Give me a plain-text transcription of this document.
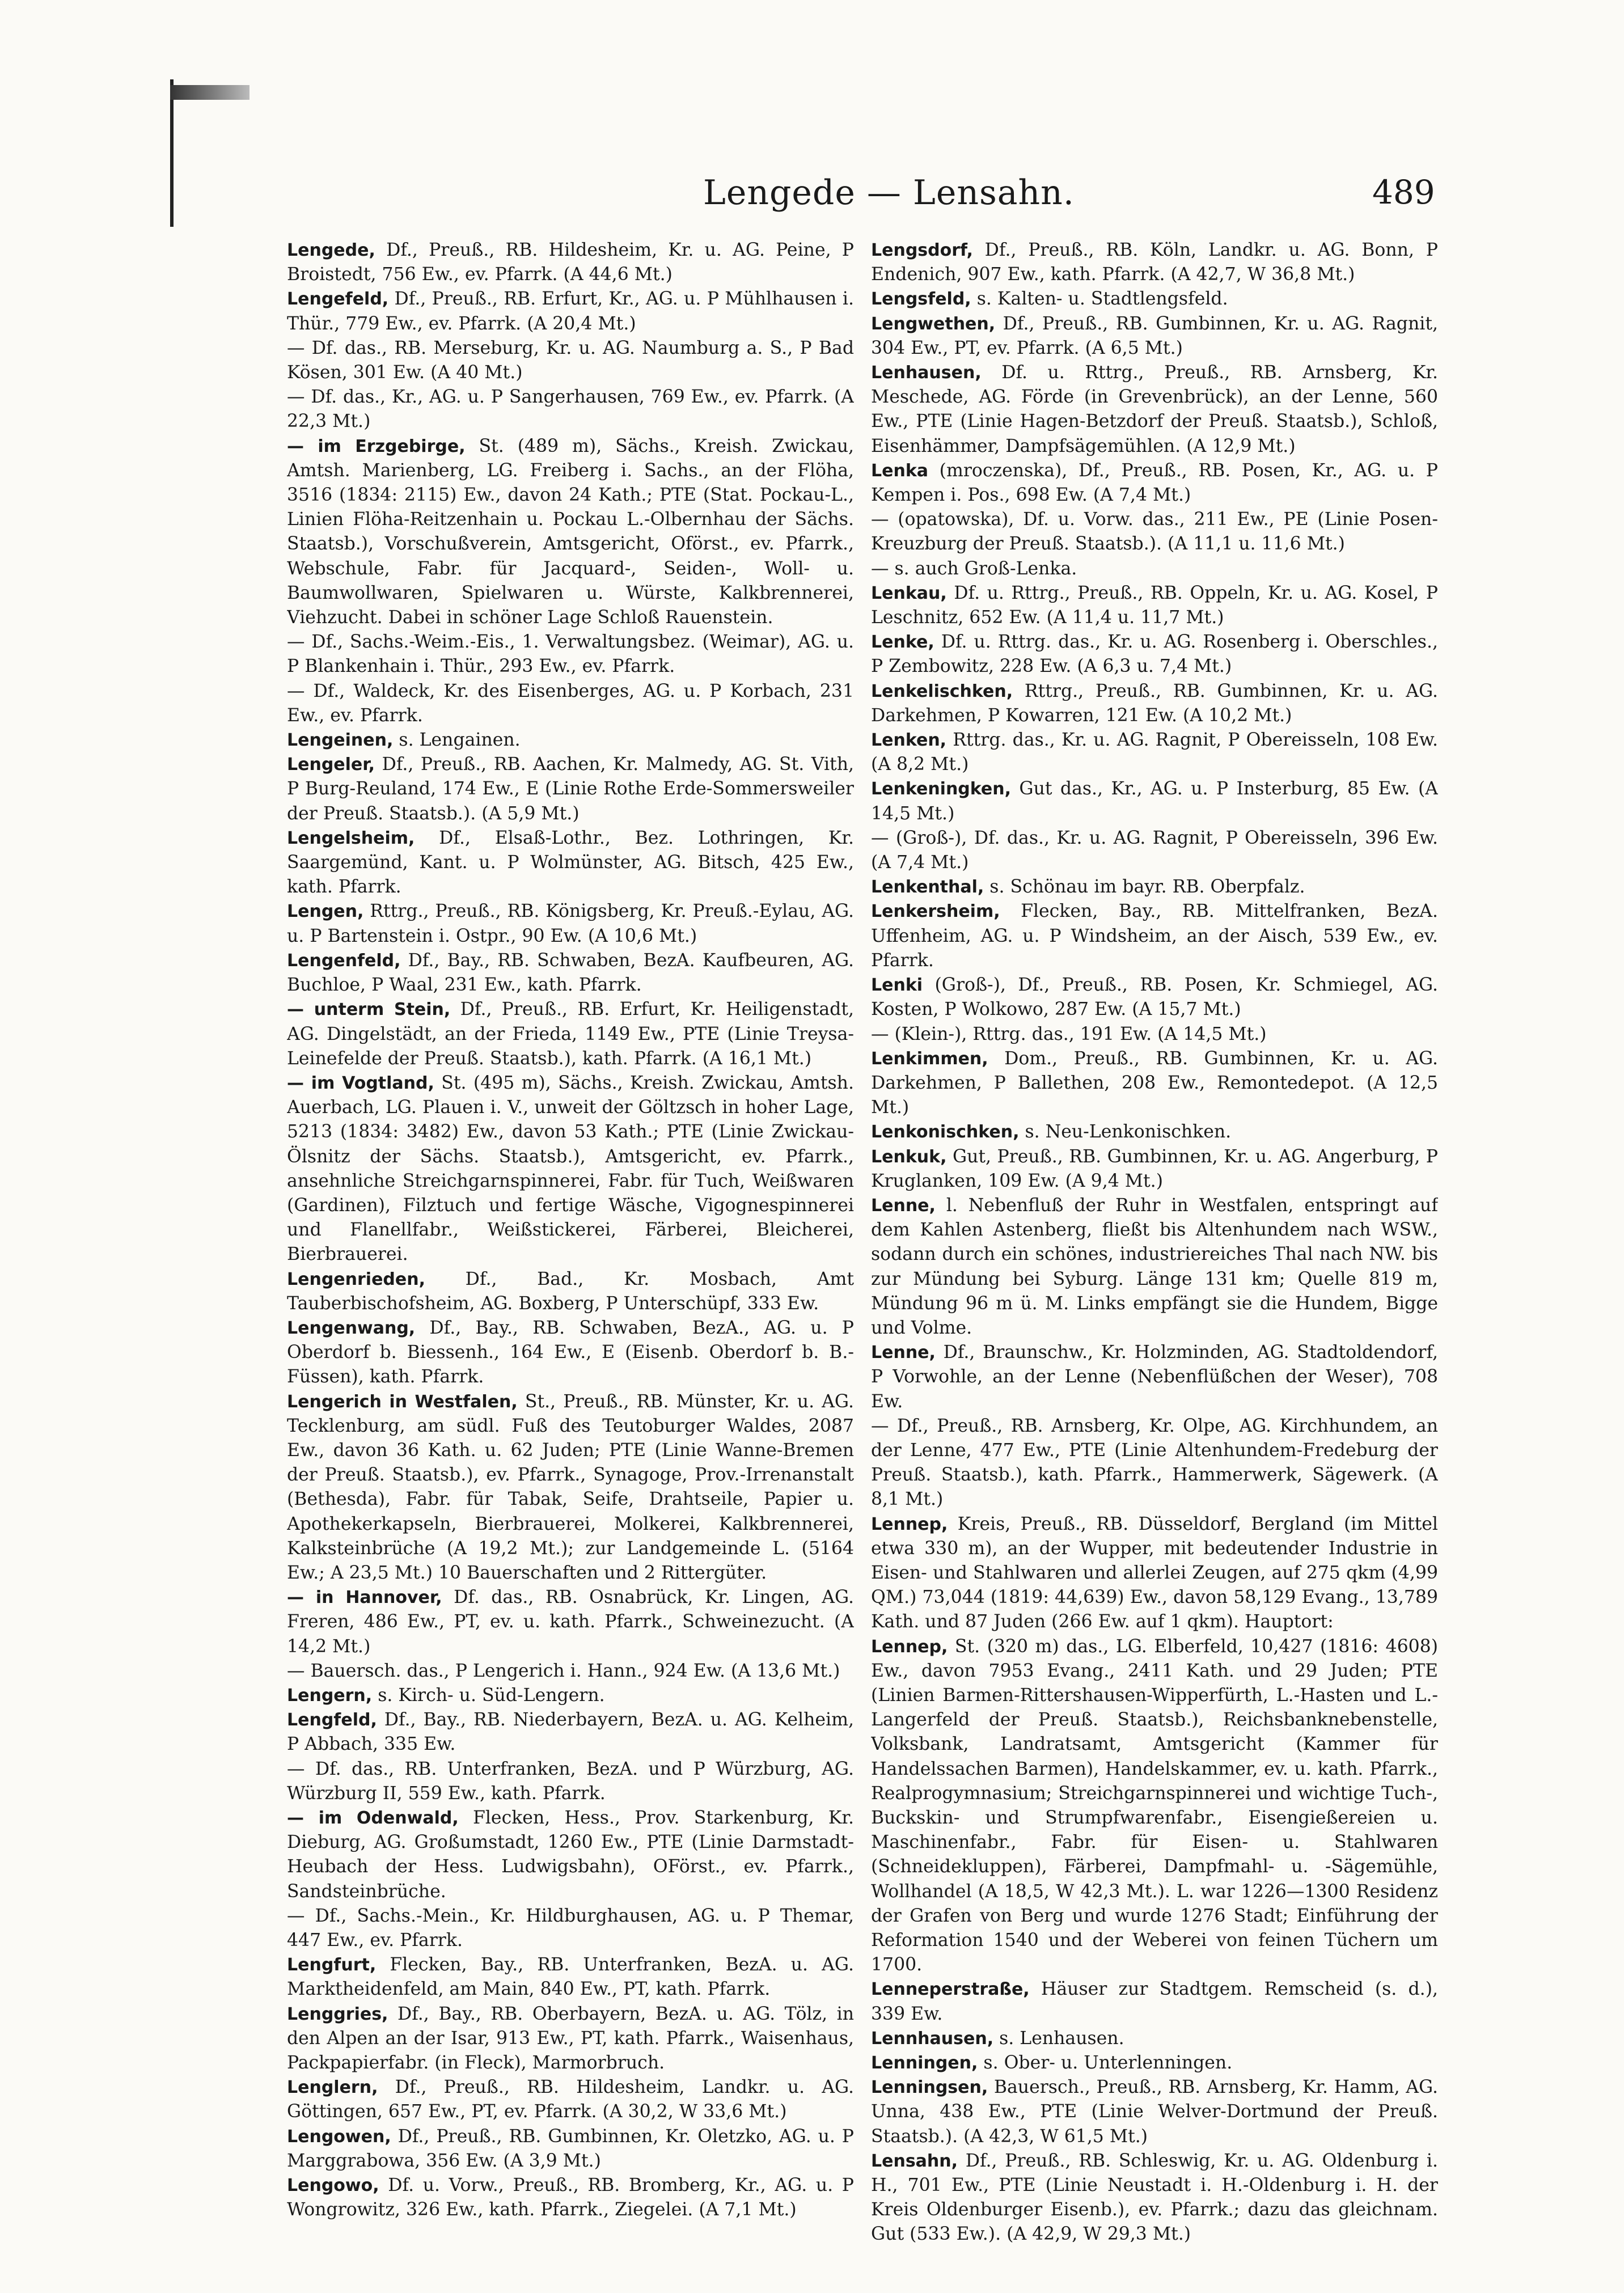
Lengede — Lensahn.	489

Lengede, Df., Preuß., RB. Hildesheim, Kr. u. AG. Peine, P Broistedt, 756 Ew., ev. Pfarrk. (A 44,6 Mt.)

Lengefeld, Df., Preuß., RB. Erfurt, Kr., AG. u. P Mühlhausen i. Thür., 779 Ew., ev. Pfarrk. (A 20,4 Mt.)

— Df. das., RB. Merseburg, Kr. u. AG. Naumburg a. S., P Bad Kösen, 301 Ew. (A 40 Mt.)

— Df. das., Kr., AG. u. P Sangerhausen, 769 Ew., ev. Pfarrk. (A 22,3 Mt.)

— im Erzgebirge, St. (489 m), Sächs., Kreish. Zwickau, Amtsh. Marienberg, LG. Freiberg i. Sachs., an der Flöha, 3516 (1834: 2115) Ew., davon 24 Kath.; PTE (Stat. Pockau-L., Linien Flöha-Reitzenhain u. Pockau L.-Olbernhau der Sächs. Staatsb.), Vorschußverein, Amtsgericht, Oförst., ev. Pfarrk., Webschule, Fabr. für Jacquard-, Seiden-, Woll- u. Baumwollwaren, Spielwaren u. Würste, Kalkbrennerei, Viehzucht. Dabei in schöner Lage Schloß Rauenstein.

— Df., Sachs.-Weim.-Eis., 1. Verwaltungsbez. (Weimar), AG. u. P Blankenhain i. Thür., 293 Ew., ev. Pfarrk.

— Df., Waldeck, Kr. des Eisenberges, AG. u. P Korbach, 231 Ew., ev. Pfarrk.

Lengeinen, s. Lengainen.

Lengeler, Df., Preuß., RB. Aachen, Kr. Malmedy, AG. St. Vith, P Burg-Reuland, 174 Ew., E (Linie Rothe Erde-Sommersweiler der Preuß. Staatsb.). (A 5,9 Mt.)

Lengelsheim, Df., Elsaß-Lothr., Bez. Lothringen, Kr. Saargemünd, Kant. u. P Wolmünster, AG. Bitsch, 425 Ew., kath. Pfarrk.

Lengen, Rttrg., Preuß., RB. Königsberg, Kr. Preuß.-Eylau, AG. u. P Bartenstein i. Ostpr., 90 Ew. (A 10,6 Mt.)

Lengenfeld, Df., Bay., RB. Schwaben, BezA. Kaufbeuren, AG. Buchloe, P Waal, 231 Ew., kath. Pfarrk.

— unterm Stein, Df., Preuß., RB. Erfurt, Kr. Heiligenstadt, AG. Dingelstädt, an der Frieda, 1149 Ew., PTE (Linie Treysa-Leinefelde der Preuß. Staatsb.), kath. Pfarrk. (A 16,1 Mt.)

— im Vogtland, St. (495 m), Sächs., Kreish. Zwickau, Amtsh. Auerbach, LG. Plauen i. V., unweit der Göltzsch in hoher Lage, 5213 (1834: 3482) Ew., davon 53 Kath.; PTE (Linie Zwickau-Ölsnitz der Sächs. Staatsb.), Amtsgericht, ev. Pfarrk., ansehnliche Streichgarnspinnerei, Fabr. für Tuch, Weißwaren (Gardinen), Filztuch und fertige Wäsche, Vigognespinnerei und Flanellfabr., Weißstickerei, Färberei, Bleicherei, Bierbrauerei.

Lengenrieden, Df., Bad., Kr. Mosbach, Amt Tauberbischofsheim, AG. Boxberg, P Unterschüpf, 333 Ew.

Lengenwang, Df., Bay., RB. Schwaben, BezA., AG. u. P Oberdorf b. Biessenh., 164 Ew., E (Eisenb. Oberdorf b. B.-Füssen), kath. Pfarrk.

Lengerich in Westfalen, St., Preuß., RB. Münster, Kr. u. AG. Tecklenburg, am südl. Fuß des Teutoburger Waldes, 2087 Ew., davon 36 Kath. u. 62 Juden; PTE (Linie Wanne-Bremen der Preuß. Staatsb.), ev. Pfarrk., Synagoge, Prov.-Irrenanstalt (Bethesda), Fabr. für Tabak, Seife, Drahtseile, Papier u. Apothekerkapseln, Bierbrauerei, Molkerei, Kalkbrennerei, Kalksteinbrüche (A 19,2 Mt.); zur Landgemeinde L. (5164 Ew.; A 23,5 Mt.) 10 Bauerschaften und 2 Rittergüter.

— in Hannover, Df. das., RB. Osnabrück, Kr. Lingen, AG. Freren, 486 Ew., PT, ev. u. kath. Pfarrk., Schweinezucht. (A 14,2 Mt.)

— Bauersch. das., P Lengerich i. Hann., 924 Ew. (A 13,6 Mt.)

Lengern, s. Kirch- u. Süd-Lengern.

Lengfeld, Df., Bay., RB. Niederbayern, BezA. u. AG. Kelheim, P Abbach, 335 Ew.

— Df. das., RB. Unterfranken, BezA. und P Würzburg, AG. Würzburg II, 559 Ew., kath. Pfarrk.

— im Odenwald, Flecken, Hess., Prov. Starkenburg, Kr. Dieburg, AG. Großumstadt, 1260 Ew., PTE (Linie Darmstadt-Heubach der Hess. Ludwigsbahn), OFörst., ev. Pfarrk., Sandsteinbrüche.

— Df., Sachs.-Mein., Kr. Hildburghausen, AG. u. P Themar, 447 Ew., ev. Pfarrk.

Lengfurt, Flecken, Bay., RB. Unterfranken, BezA. u. AG. Marktheidenfeld, am Main, 840 Ew., PT, kath. Pfarrk.

Lenggries, Df., Bay., RB. Oberbayern, BezA. u. AG. Tölz, in den Alpen an der Isar, 913 Ew., PT, kath. Pfarrk., Waisenhaus, Packpapierfabr. (in Fleck), Marmorbruch.

Lenglern, Df., Preuß., RB. Hildesheim, Landkr. u. AG. Göttingen, 657 Ew., PT, ev. Pfarrk. (A 30,2, W 33,6 Mt.)

Lengowen, Df., Preuß., RB. Gumbinnen, Kr. Oletzko, AG. u. P Marggrabowa, 356 Ew. (A 3,9 Mt.)

Lengowo, Df. u. Vorw., Preuß., RB. Bromberg, Kr., AG. u. P Wongrowitz, 326 Ew., kath. Pfarrk., Ziegelei. (A 7,1 Mt.)

Lengsdorf, Df., Preuß., RB. Köln, Landkr. u. AG. Bonn, P Endenich, 907 Ew., kath. Pfarrk. (A 42,7, W 36,8 Mt.)

Lengsfeld, s. Kalten- u. Stadtlengsfeld.

Lengwethen, Df., Preuß., RB. Gumbinnen, Kr. u. AG. Ragnit, 304 Ew., PT, ev. Pfarrk. (A 6,5 Mt.)

Lenhausen, Df. u. Rttrg., Preuß., RB. Arnsberg, Kr. Meschede, AG. Förde (in Grevenbrück), an der Lenne, 560 Ew., PTE (Linie Hagen-Betzdorf der Preuß. Staatsb.), Schloß, Eisenhämmer, Dampfsägemühlen. (A 12,9 Mt.)

Lenka (mroczenska), Df., Preuß., RB. Posen, Kr., AG. u. P Kempen i. Pos., 698 Ew. (A 7,4 Mt.)

— (opatowska), Df. u. Vorw. das., 211 Ew., PE (Linie Posen-Kreuzburg der Preuß. Staatsb.). (A 11,1 u. 11,6 Mt.)

— s. auch Groß-Lenka.

Lenkau, Df. u. Rttrg., Preuß., RB. Oppeln, Kr. u. AG. Kosel, P Leschnitz, 652 Ew. (A 11,4 u. 11,7 Mt.)

Lenke, Df. u. Rttrg. das., Kr. u. AG. Rosenberg i. Oberschles., P Zembowitz, 228 Ew. (A 6,3 u. 7,4 Mt.)

Lenkelischken, Rttrg., Preuß., RB. Gumbinnen, Kr. u. AG. Darkehmen, P Kowarren, 121 Ew. (A 10,2 Mt.)

Lenken, Rttrg. das., Kr. u. AG. Ragnit, P Obereisseln, 108 Ew. (A 8,2 Mt.)

Lenkeningken, Gut das., Kr., AG. u. P Insterburg, 85 Ew. (A 14,5 Mt.)

— (Groß-), Df. das., Kr. u. AG. Ragnit, P Obereisseln, 396 Ew. (A 7,4 Mt.)

Lenkenthal, s. Schönau im bayr. RB. Oberpfalz.

Lenkersheim, Flecken, Bay., RB. Mittelfranken, BezA. Uffenheim, AG. u. P Windsheim, an der Aisch, 539 Ew., ev. Pfarrk.

Lenki (Groß-), Df., Preuß., RB. Posen, Kr. Schmiegel, AG. Kosten, P Wolkowo, 287 Ew. (A 15,7 Mt.)

— (Klein-), Rttrg. das., 191 Ew. (A 14,5 Mt.)

Lenkimmen, Dom., Preuß., RB. Gumbinnen, Kr. u. AG. Darkehmen, P Ballethen, 208 Ew., Remontedepot. (A 12,5 Mt.)

Lenkonischken, s. Neu-Lenkonischken.

Lenkuk, Gut, Preuß., RB. Gumbinnen, Kr. u. AG. Angerburg, P Kruglanken, 109 Ew. (A 9,4 Mt.)

Lenne, l. Nebenfluß der Ruhr in Westfalen, entspringt auf dem Kahlen Astenberg, fließt bis Altenhundem nach WSW., sodann durch ein schönes, industriereiches Thal nach NW. bis zur Mündung bei Syburg. Länge 131 km; Quelle 819 m, Mündung 96 m ü. M. Links empfängt sie die Hundem, Bigge und Volme.

Lenne, Df., Braunschw., Kr. Holzminden, AG. Stadtoldendorf, P Vorwohle, an der Lenne (Nebenflüßchen der Weser), 708 Ew.

— Df., Preuß., RB. Arnsberg, Kr. Olpe, AG. Kirchhundem, an der Lenne, 477 Ew., PTE (Linie Altenhundem-Fredeburg der Preuß. Staatsb.), kath. Pfarrk., Hammerwerk, Sägewerk. (A 8,1 Mt.)

Lennep, Kreis, Preuß., RB. Düsseldorf, Bergland (im Mittel etwa 330 m), an der Wupper, mit bedeutender Industrie in Eisen- und Stahlwaren und allerlei Zeugen, auf 275 qkm (4,99 QM.) 73,044 (1819: 44,639) Ew., davon 58,129 Evang., 13,789 Kath. und 87 Juden (266 Ew. auf 1 qkm). Hauptort:

Lennep, St. (320 m) das., LG. Elberfeld, 10,427 (1816: 4608) Ew., davon 7953 Evang., 2411 Kath. und 29 Juden; PTE (Linien Barmen-Rittershausen-Wipperfürth, L.-Hasten und L.-Langerfeld der Preuß. Staatsb.), Reichsbanknebenstelle, Volksbank, Landratsamt, Amtsgericht (Kammer für Handelssachen Barmen), Handelskammer, ev. u. kath. Pfarrk., Realprogymnasium; Streichgarnspinnerei und wichtige Tuch-, Buckskin- und Strumpfwarenfabr., Eisengießereien u. Maschinenfabr., Fabr. für Eisen- u. Stahlwaren (Schneidekluppen), Färberei, Dampfmahl- u. -Sägemühle, Wollhandel (A 18,5, W 42,3 Mt.). L. war 1226—1300 Residenz der Grafen von Berg und wurde 1276 Stadt; Einführung der Reformation 1540 und der Weberei von feinen Tüchern um 1700.

Lenneperstraße, Häuser zur Stadtgem. Remscheid (s. d.), 339 Ew.

Lennhausen, s. Lenhausen.

Lenningen, s. Ober- u. Unterlenningen.

Lenningsen, Bauersch., Preuß., RB. Arnsberg, Kr. Hamm, AG. Unna, 438 Ew., PTE (Linie Welver-Dortmund der Preuß. Staatsb.). (A 42,3, W 61,5 Mt.)

Lensahn, Df., Preuß., RB. Schleswig, Kr. u. AG. Oldenburg i. H., 701 Ew., PTE (Linie Neustadt i. H.-Oldenburg i. H. der Kreis Oldenburger Eisenb.), ev. Pfarrk.; dazu das gleichnam. Gut (533 Ew.). (A 42,9, W 29,3 Mt.)
